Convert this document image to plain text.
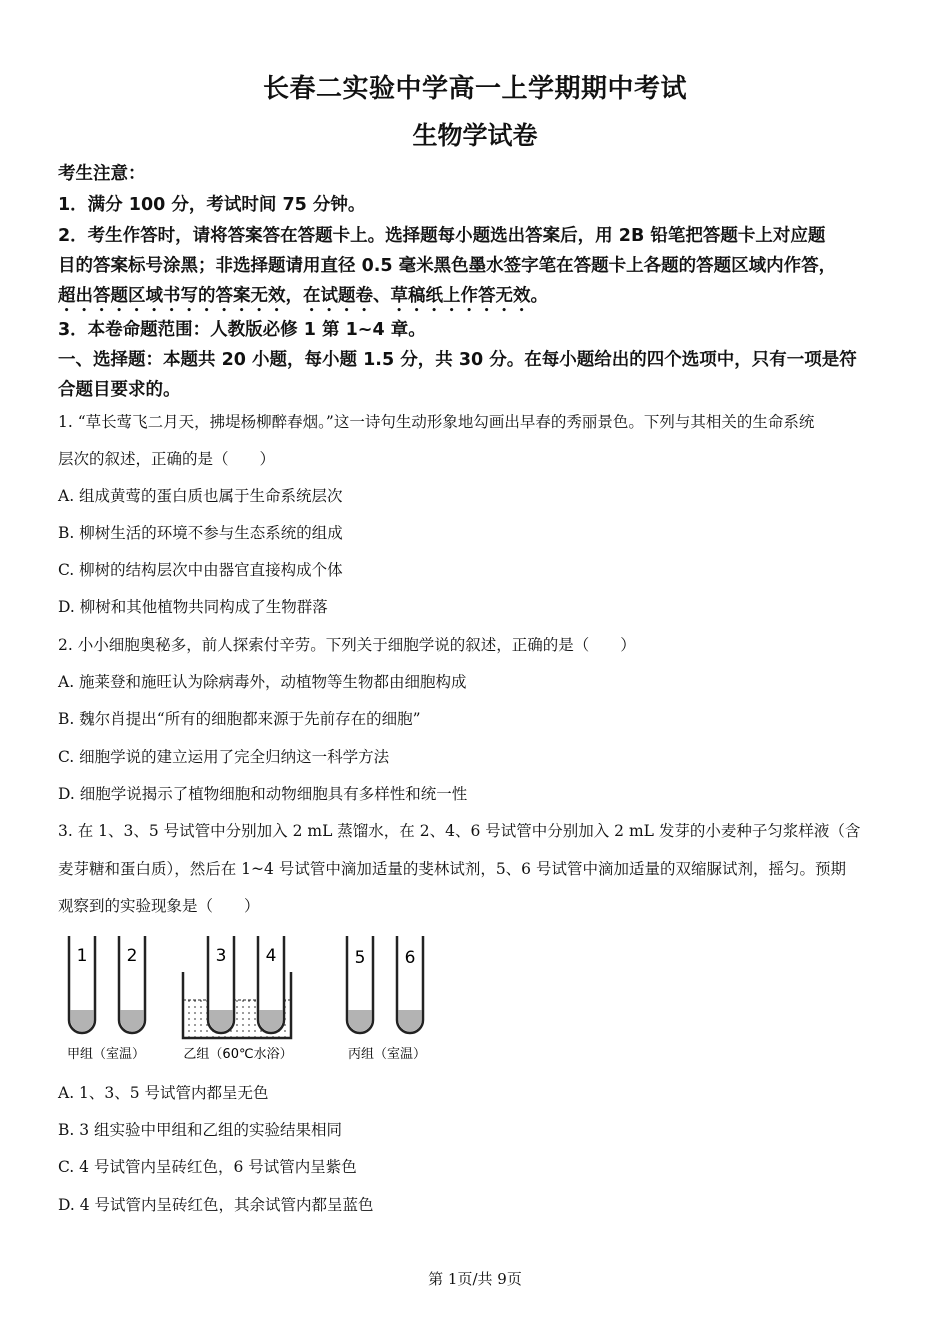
长春二实验中学高一上学期期中考试
生物学试卷
考生注意：
1．满分 100 分，考试时间 75 分钟。
2．考生作答时，请将答案答在答题卡上。选择题每小题选出答案后，用 2B 铅笔把答题卡上对应题
目的答案标号涂黑；非选择题请用直径 0.5 毫米黑色墨水签字笔在答题卡上各题的答题区域内作答，
超出答题区域书写的答案无效，在试题卷、草稿纸上作答无效。
3．本卷命题范围：人教版必修 1 第 1~4 章。
一、选择题：本题共 20 小题，每小题 1.5 分，共 30 分。在每小题给出的四个选项中，只有一项是符
合题目要求的。
1. “草长莺飞二月天，拂堤杨柳醉春烟。”这一诗句生动形象地勾画出早春的秀丽景色。下列与其相关的生命系统
层次的叙述，正确的是（　　）
A. 组成黄莺的蛋白质也属于生命系统层次
B. 柳树生活的环境不参与生态系统的组成
C. 柳树的结构层次中由器官直接构成个体
D. 柳树和其他植物共同构成了生物群落
2. 小小细胞奥秘多，前人探索付辛劳。下列关于细胞学说的叙述，正确的是（　　）
A. 施莱登和施旺认为除病毒外，动植物等生物都由细胞构成
B. 魏尔肖提出“所有的细胞都来源于先前存在的细胞”
C. 细胞学说的建立运用了完全归纳这一科学方法
D. 细胞学说揭示了植物细胞和动物细胞具有多样性和统一性
3. 在 1、3、5 号试管中分别加入 2 mL 蒸馏水，在 2、4、6 号试管中分别加入 2 mL 发芽的小麦种子匀浆样液（含
麦芽糖和蛋白质），然后在 1~4 号试管中滴加适量的斐林试剂，5、6 号试管中滴加适量的双缩脲试剂，摇匀。预期
观察到的实验现象是（　　）
1 2	3 4	5 6
甲组（室温）	乙组（60℃水浴）	丙组（室温）
A. 1、3、5 号试管内都呈无色
B. 3 组实验中甲组和乙组的实验结果相同
C. 4 号试管内呈砖红色，6 号试管内呈紫色
D. 4 号试管内呈砖红色，其余试管内都呈蓝色
第 1页/共 9页
